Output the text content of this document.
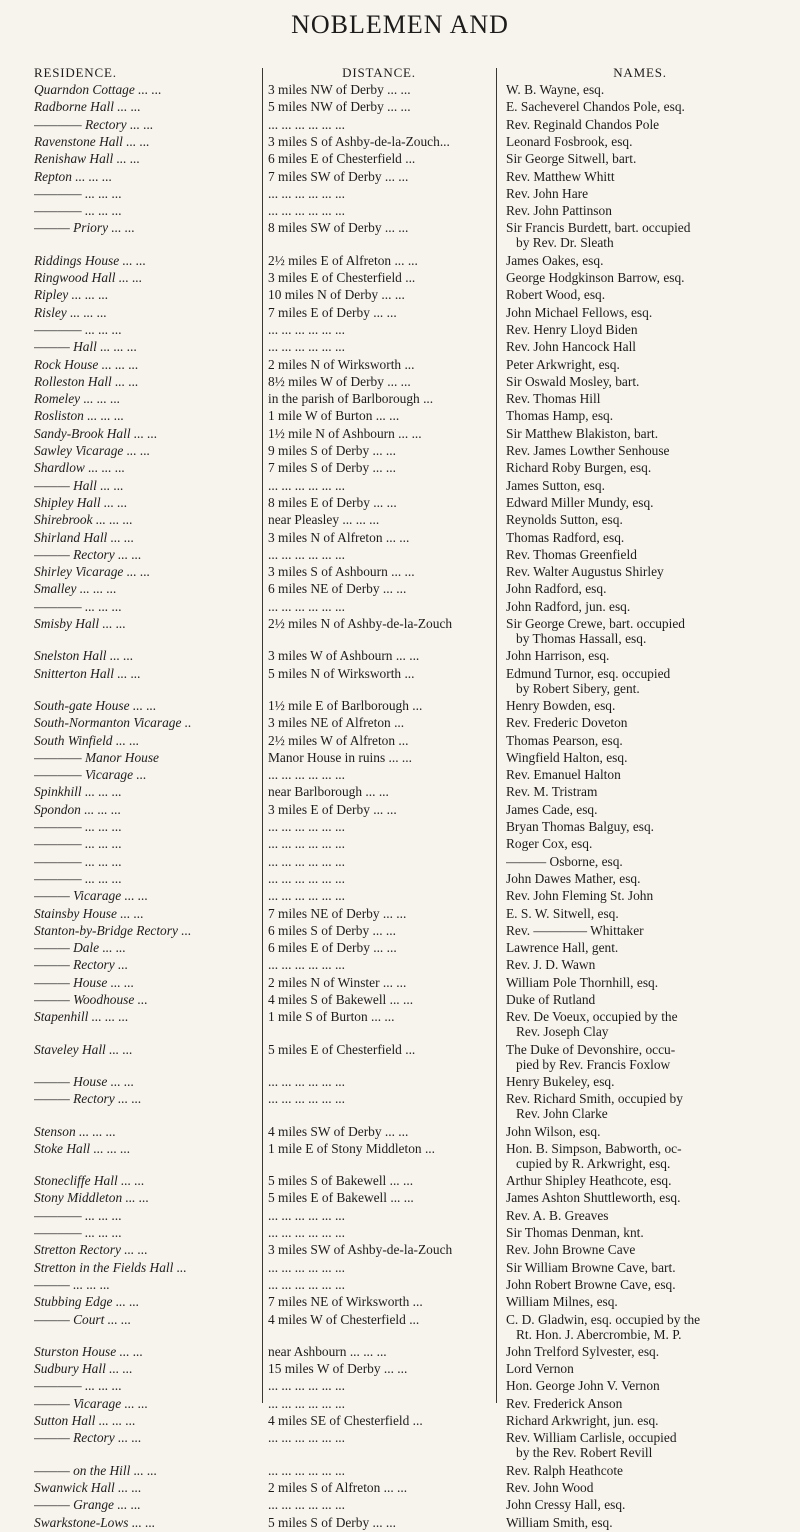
NOBLEMEN AND
RESIDENCE.
Quarndon Cottage ... ...
Radborne Hall ... ...
———— Rectory ... ...
Ravenstone Hall ... ...
Renishaw Hall ... ...
Repton ... ... ...
———— ... ... ...
———— ... ... ...
——— Priory ... ...
Riddings House ... ...
Ringwood Hall ... ...
Ripley ... ... ...
Risley ... ... ...
———— ... ... ...
——— Hall ... ... ...
Rock House ... ... ...
Rolleston Hall ... ...
Romeley ... ... ...
Rosliston ... ... ...
Sandy-Brook Hall ... ...
Sawley Vicarage ... ...
Shardlow ... ... ...
——— Hall ... ...
Shipley Hall ... ...
Shirebrook ... ... ...
Shirland Hall ... ...
——— Rectory ... ...
Shirley Vicarage ... ...
Smalley ... ... ...
———— ... ... ...
Smisby Hall ... ...
Snelston Hall ... ...
Snitterton Hall ... ...
South-gate House ... ...
South-Normanton Vicarage ..
South Winfield ... ...
———— Manor House
———— Vicarage ...
Spinkhill ... ... ...
Spondon ... ... ...
———— ... ... ...
———— ... ... ...
———— ... ... ...
———— ... ... ...
——— Vicarage ... ...
Stainsby House ... ...
Stanton-by-Bridge Rectory ...
——— Dale ... ...
——— Rectory ...
——— House ... ...
——— Woodhouse ...
Stapenhill ... ... ...
Staveley Hall ... ...
——— House ... ...
——— Rectory ... ...
Stenson ... ... ...
Stoke Hall ... ... ...
Stonecliffe Hall ... ...
Stony Middleton ... ...
———— ... ... ...
———— ... ... ...
Stretton Rectory ... ...
Stretton in the Fields Hall ...
——— ... ... ...
Stubbing Edge ... ...
——— Court ... ...
Sturston House ... ...
Sudbury Hall ... ...
———— ... ... ...
——— Vicarage ... ...
Sutton Hall ... ... ...
——— Rectory ... ...
——— on the Hill ... ...
Swanwick Hall ... ...
——— Grange ... ...
Swarkstone-Lows ... ...
DISTANCE.
3 miles NW of Derby ... ...
5 miles NW of Derby ... ...
... ... ... ... ... ...
3 miles S of Ashby-de-la-Zouch...
6 miles E of Chesterfield ...
7 miles SW of Derby ... ...
... ... ... ... ... ...
... ... ... ... ... ...
8 miles SW of Derby ... ...
2½ miles E of Alfreton ... ...
3 miles E of Chesterfield ...
10 miles N of Derby ... ...
7 miles E of Derby ... ...
... ... ... ... ... ...
... ... ... ... ... ...
2 miles N of Wirksworth ...
8½ miles W of Derby ... ...
in the parish of Barlborough ...
1 mile W of Burton ... ...
1½ mile N of Ashbourn ... ...
9 miles S of Derby ... ...
7 miles S of Derby ... ...
... ... ... ... ... ...
8 miles E of Derby ... ...
near Pleasley ... ... ...
3 miles N of Alfreton ... ...
... ... ... ... ... ...
3 miles S of Ashbourn ... ...
6 miles NE of Derby ... ...
... ... ... ... ... ...
2½ miles N of Ashby-de-la-Zouch
3 miles W of Ashbourn ... ...
5 miles N of Wirksworth ...
1½ mile E of Barlborough ...
3 miles NE of Alfreton ...
2½ miles W of Alfreton ...
Manor House in ruins ... ...
... ... ... ... ... ...
near Barlborough ... ...
3 miles E of Derby ... ...
... ... ... ... ... ...
... ... ... ... ... ...
... ... ... ... ... ...
... ... ... ... ... ...
... ... ... ... ... ...
7 miles NE of Derby ... ...
6 miles S of Derby ... ...
6 miles E of Derby ... ...
... ... ... ... ... ...
2 miles N of Winster ... ...
4 miles S of Bakewell ... ...
1 mile S of Burton ... ...
5 miles E of Chesterfield ...
... ... ... ... ... ...
... ... ... ... ... ...
4 miles SW of Derby ... ...
1 mile E of Stony Middleton ...
5 miles S of Bakewell ... ...
5 miles E of Bakewell ... ...
... ... ... ... ... ...
... ... ... ... ... ...
3 miles SW of Ashby-de-la-Zouch
... ... ... ... ... ...
... ... ... ... ... ...
7 miles NE of Wirksworth ...
4 miles W of Chesterfield ...
near Ashbourn ... ... ...
15 miles W of Derby ... ...
... ... ... ... ... ...
... ... ... ... ... ...
4 miles SE of Chesterfield ...
... ... ... ... ... ...
... ... ... ... ... ...
2 miles S of Alfreton ... ...
... ... ... ... ... ...
5 miles S of Derby ... ...
NAMES.
W. B. Wayne, esq.
E. Sacheverel Chandos Pole, esq.
Rev. Reginald Chandos Pole
Leonard Fosbrook, esq.
Sir George Sitwell, bart.
Rev. Matthew Whitt
Rev. John Hare
Rev. John Pattinson
Sir Francis Burdett, bart. occupied
by Rev. Dr. Sleath
James Oakes, esq.
George Hodgkinson Barrow, esq.
Robert Wood, esq.
John Michael Fellows, esq.
Rev. Henry Lloyd Biden
Rev. John Hancock Hall
Peter Arkwright, esq.
Sir Oswald Mosley, bart.
Rev. Thomas Hill
Thomas Hamp, esq.
Sir Matthew Blakiston, bart.
Rev. James Lowther Senhouse
Richard Roby Burgen, esq.
James Sutton, esq.
Edward Miller Mundy, esq.
Reynolds Sutton, esq.
Thomas Radford, esq.
Rev. Thomas Greenfield
Rev. Walter Augustus Shirley
John Radford, esq.
John Radford, jun. esq.
Sir George Crewe, bart. occupied
by Thomas Hassall, esq.
John Harrison, esq.
Edmund Turnor, esq. occupied
by Robert Sibery, gent.
Henry Bowden, esq.
Rev. Frederic Doveton
Thomas Pearson, esq.
Wingfield Halton, esq.
Rev. Emanuel Halton
Rev. M. Tristram
James Cade, esq.
Bryan Thomas Balguy, esq.
Roger Cox, esq.
——— Osborne, esq.
John Dawes Mather, esq.
Rev. John Fleming St. John
E. S. W. Sitwell, esq.
Rev. ———— Whittaker
Lawrence Hall, gent.
Rev. J. D. Wawn
William Pole Thornhill, esq.
Duke of Rutland
Rev. De Voeux, occupied by the
Rev. Joseph Clay
The Duke of Devonshire, occu-
pied by Rev. Francis Foxlow
Henry Bukeley, esq.
Rev. Richard Smith, occupied by
Rev. John Clarke
John Wilson, esq.
Hon. B. Simpson, Babworth, oc-
cupied by R. Arkwright, esq.
Arthur Shipley Heathcote, esq.
James Ashton Shuttleworth, esq.
Rev. A. B. Greaves
Sir Thomas Denman, knt.
Rev. John Browne Cave
Sir William Browne Cave, bart.
John Robert Browne Cave, esq.
William Milnes, esq.
C. D. Gladwin, esq. occupied by the
Rt. Hon. J. Abercrombie, M. P.
John Trelford Sylvester, esq.
Lord Vernon
Hon. George John V. Vernon
Rev. Frederick Anson
Richard Arkwright, jun. esq.
Rev. William Carlisle, occupied
by the Rev. Robert Revill
Rev. Ralph Heathcote
Rev. John Wood
John Cressy Hall, esq.
William Smith, esq.
